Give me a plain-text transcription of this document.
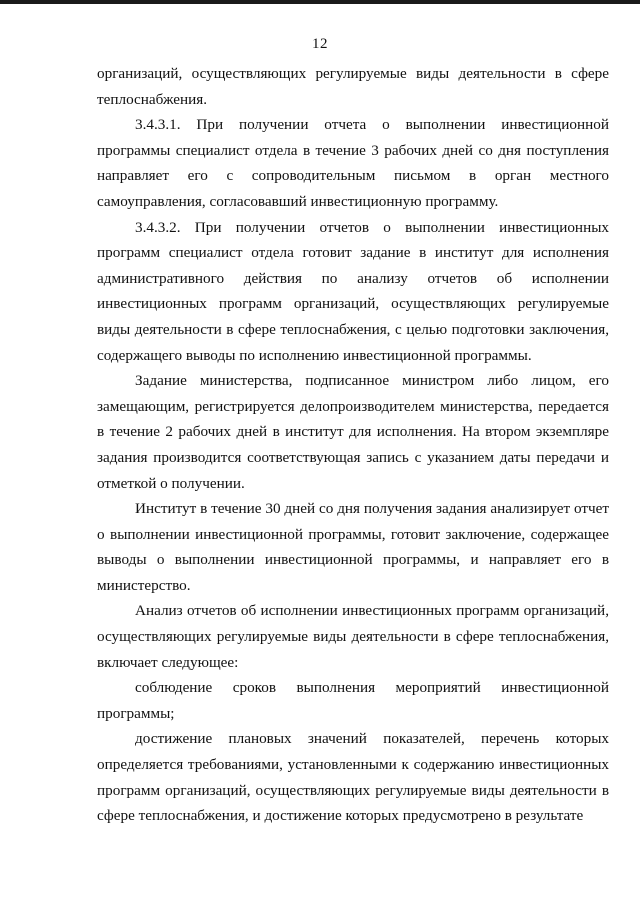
12

организаций, осуществляющих регулируемые виды деятельности в сфере теплоснабжения.

3.4.3.1. При получении отчета о выполнении инвестиционной программы специалист отдела в течение 3 рабочих дней со дня поступления направляет его с сопроводительным письмом в орган местного самоуправления, согласовавший инвестиционную программу.

3.4.3.2. При получении отчетов о выполнении инвестиционных программ специалист отдела готовит задание в институт для исполнения административного действия по анализу отчетов об исполнении инвестиционных программ организаций, осуществляющих регулируемые виды деятельности в сфере теплоснабжения, с целью подготовки заключения, содержащего выводы по исполнению инвестиционной программы.

Задание министерства, подписанное министром либо лицом, его замещающим, регистрируется делопроизводителем министерства, передается в течение 2 рабочих дней в институт для исполнения. На втором экземпляре задания производится соответствующая запись с указанием даты передачи и отметкой о получении.

Институт в течение 30 дней со дня получения задания анализирует отчет о выполнении инвестиционной программы, готовит заключение, содержащее выводы о выполнении инвестиционной программы, и направляет его в министерство.

Анализ отчетов об исполнении инвестиционных программ организаций, осуществляющих регулируемые виды деятельности в сфере теплоснабжения, включает следующее:

соблюдение сроков выполнения мероприятий инвестиционной программы;

достижение плановых значений показателей, перечень которых определяется требованиями, установленными к содержанию инвестиционных программ организаций, осуществляющих регулируемые виды деятельности в сфере теплоснабжения, и достижение которых предусмотрено в результате
